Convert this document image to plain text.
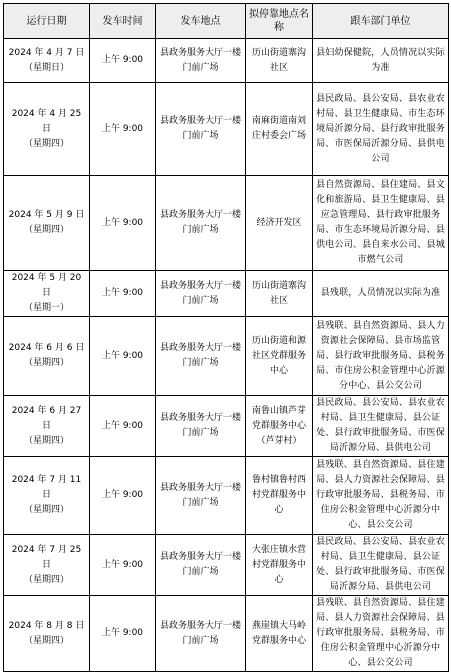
运行日期	发车时间	发车地点	拟停靠地点名称	跟车部门单位

2024 年 4 月 7 日
（星期日）	上午 9:00	县政务服务大厅一楼门前广场	历山街道寨沟社区	县妇幼保健院，人员情况以实际为准

2024 年 4 月 25 日
（星期四）	上午 9:00	县政务服务大厅一楼门前广场	南麻街道南刘庄村委会广场	县民政局、县公安局、县农业农村局、县卫生健康局、市生态环境局沂源分局、县行政审批服务局、市医保局沂源分局、县供电公司

2024 年 5 月 9 日
（星期四）	上午 9:00	县政务服务大厅一楼门前广场	经济开发区	县自然资源局、县住建局、县文化和旅游局、县卫生健康局、县应急管理局、县行政审批服务局、市生态环境局沂源分局、县供电公司、县自来水公司、县城市燃气公司

2024 年 5 月 20 日
（星期一）	上午 9:00	县政务服务大厅一楼门前广场	历山街道寨沟社区	县残联，人员情况以实际为准

2024 年 6 月 6 日
（星期四）	上午 9:00	县政务服务大厅一楼门前广场	历山街道和源社区党群服务中心	县残联、县自然资源局、县人力资源社会保障局、县市场监管局、县行政审批服务局、县税务局、市住房公积金管理中心沂源分中心、县公交公司

2024 年 6 月 27 日
（星期四）	上午 9:00	县政务服务大厅一楼门前广场	南鲁山镇芦芽党群服务中心（芦芽村）	县民政局、县公安局、县农业农村局、县卫生健康局、县公证处、县行政审批服务局、市医保局沂源分局、县供电公司

2024 年 7 月 11 日
（星期四）	上午 9:00	县政务服务大厅一楼门前广场	鲁村镇鲁村西村党群服务中心	县残联、县自然资源局、县住建局、县人力资源社会保障局、县行政审批服务局、县税务局、市住房公积金管理中心沂源分中心、县公交公司

2024 年 7 月 25 日
（星期四）	上午 9:00	县政务服务大厅一楼门前广场	大张庄镇水营村党群服务中心	县民政局、县公安局、县农业农村局、县卫生健康局、县公证处、县行政审批服务局、市医保局沂源分局、县供电公司

2024 年 8 月 8 日
（星期四）	上午 9:00	县政务服务大厅一楼门前广场	燕崖镇大马岭党群服务中心	县残联、县自然资源局、县住建局、县人力资源社会保障局、县行政审批服务局、县税务局、市住房公积金管理中心沂源分中心、县公交公司
